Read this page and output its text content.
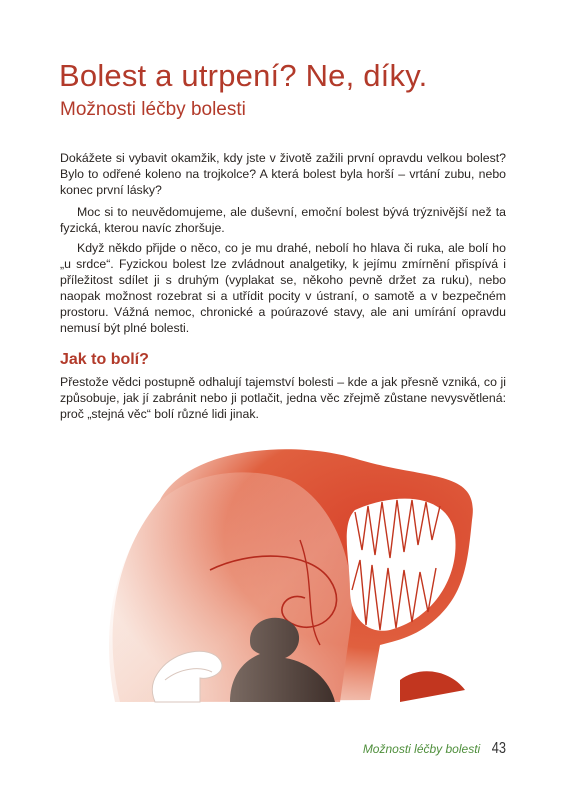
Bolest a utrpení? Ne, díky.
Možnosti léčby bolesti

Dokážete si vybavit okamžik, kdy jste v životě zažili první opravdu velkou bolest? Bylo to odřené koleno na trojkolce? A která bolest byla horší – vrtání zubu, nebo konec první lásky?

Moc si to neuvědomujeme, ale duševní, emoční bolest bývá trýznivější než ta fyzická, kterou navíc zhoršuje.

Když někdo přijde o něco, co je mu drahé, nebolí ho hlava či ruka, ale bolí ho „u srdce“. Fyzickou bolest lze zvládnout analgetiky, k jejímu zmírnění přispívá i příležitost sdílet ji s druhým (vyplakat se, někoho pevně držet za ruku), nebo naopak možnost rozebrat si a utřídit pocity v ústraní, o samotě a v bezpečném prostoru. Vážná nemoc, chronické a poúrazové stavy, ale ani umírání opravdu nemusí být plné bolesti.

Jak to bolí?

Přestože vědci postupně odhalují tajemství bolesti – kde a jak přesně vzniká, co ji způsobuje, jak jí zabránit nebo ji potlačit, jedna věc zřejmě zůstane nevysvětlená: proč „stejná věc“ bolí různé lidi jinak.

Možnosti léčby bolesti 43
